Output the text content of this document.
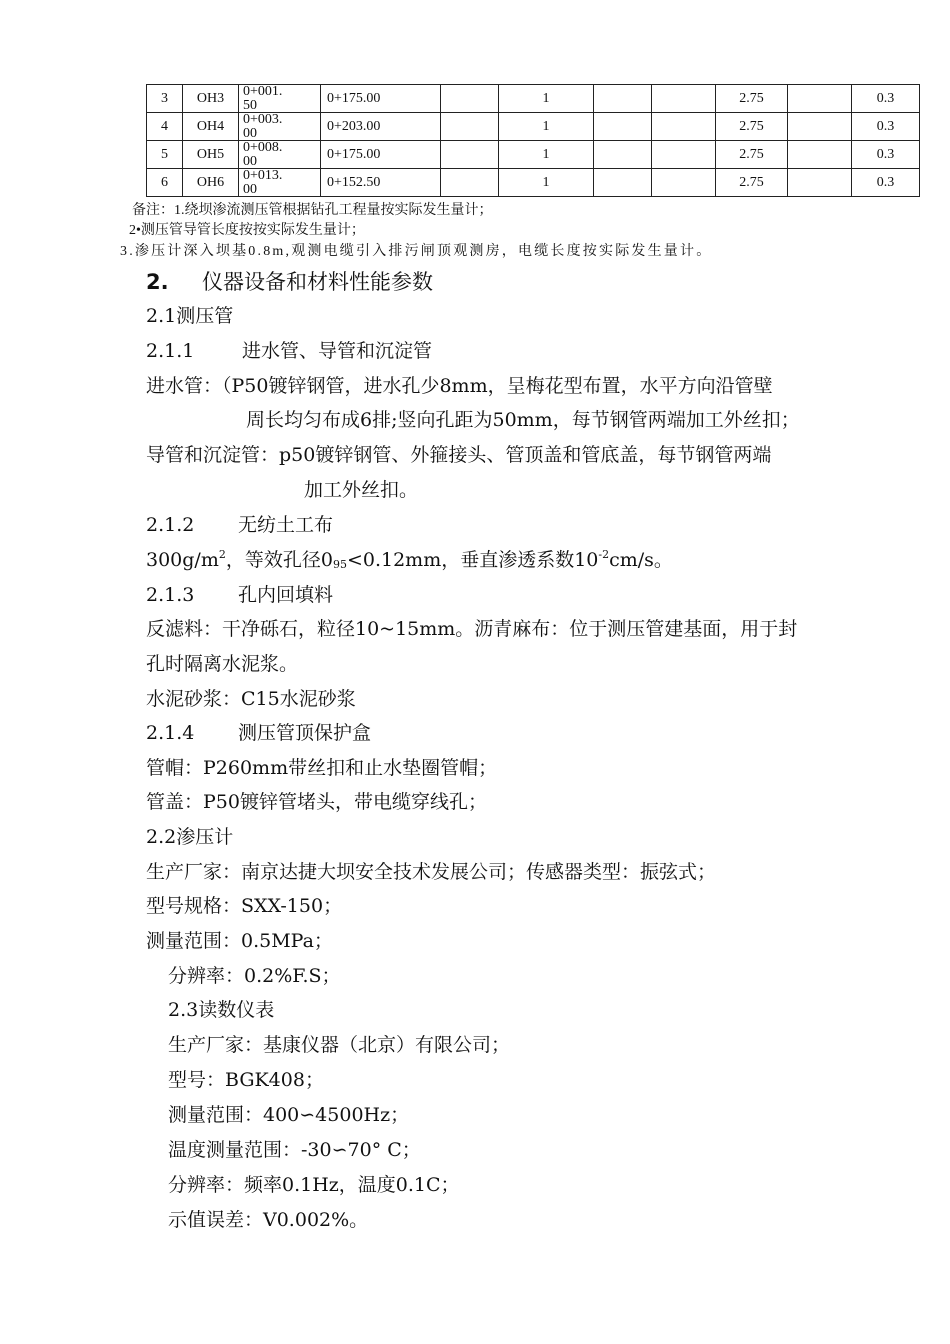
3	OH3	0+001.50	0+175.00		1			2.75		0.3
4	OH4	0+003.00	0+203.00		1			2.75		0.3
5	OH5	0+008.00	0+175.00		1			2.75		0.3
6	OH6	0+013.00	0+152.50		1			2.75		0.3
备注：1.绕坝渗流测压管根据钻孔工程量按实际发生量计；
2•测压管导管长度按按实际发生量计；
3.渗压计深入坝基0.8m,观测电缆引入排污闸顶观测房，电缆长度按实际发生量计。
2. 仪器设备和材料性能参数
2.1测压管
2.1.1	进水管、导管和沉淀管
进水管：（P50镀锌钢管，进水孔少8mm，呈梅花型布置，水平方向沿管壁
周长均匀布成6排;竖向孔距为50mm，每节钢管两端加工外丝扣；
导管和沉淀管：p50镀锌钢管、外箍接头、管顶盖和管底盖，每节钢管两端
加工外丝扣。
2.1.2 无纺土工布
$300g/m^2$，等效孔径$0_{95}<0.12mm$，垂直渗透系数$10^{-2}cm/s$。
2.1.3 孔内回填料
反滤料：干净砾石，粒径10~15mm。沥青麻布：位于测压管建基面，用于封
孔时隔离水泥浆。
水泥砂浆：C15水泥砂浆
2.1.4 测压管顶保护盒
管帽：P260mm带丝扣和止水垫圈管帽；
管盖：P50镀锌管堵头，带电缆穿线孔；
2.2渗压计
生产厂家：南京达捷大坝安全技术发展公司；传感器类型：振弦式；
型号规格：SXX-150；
测量范围：0.5MPa；
分辨率：0.2%F.S；
2.3读数仪表
生产厂家：基康仪器（北京）有限公司；
型号：BGK408；
测量范围：400∽4500Hz；
温度测量范围：-30∽70° C；
分辨率：频率0.1Hz，温度0.1C；
示值误差：V0.002%。
